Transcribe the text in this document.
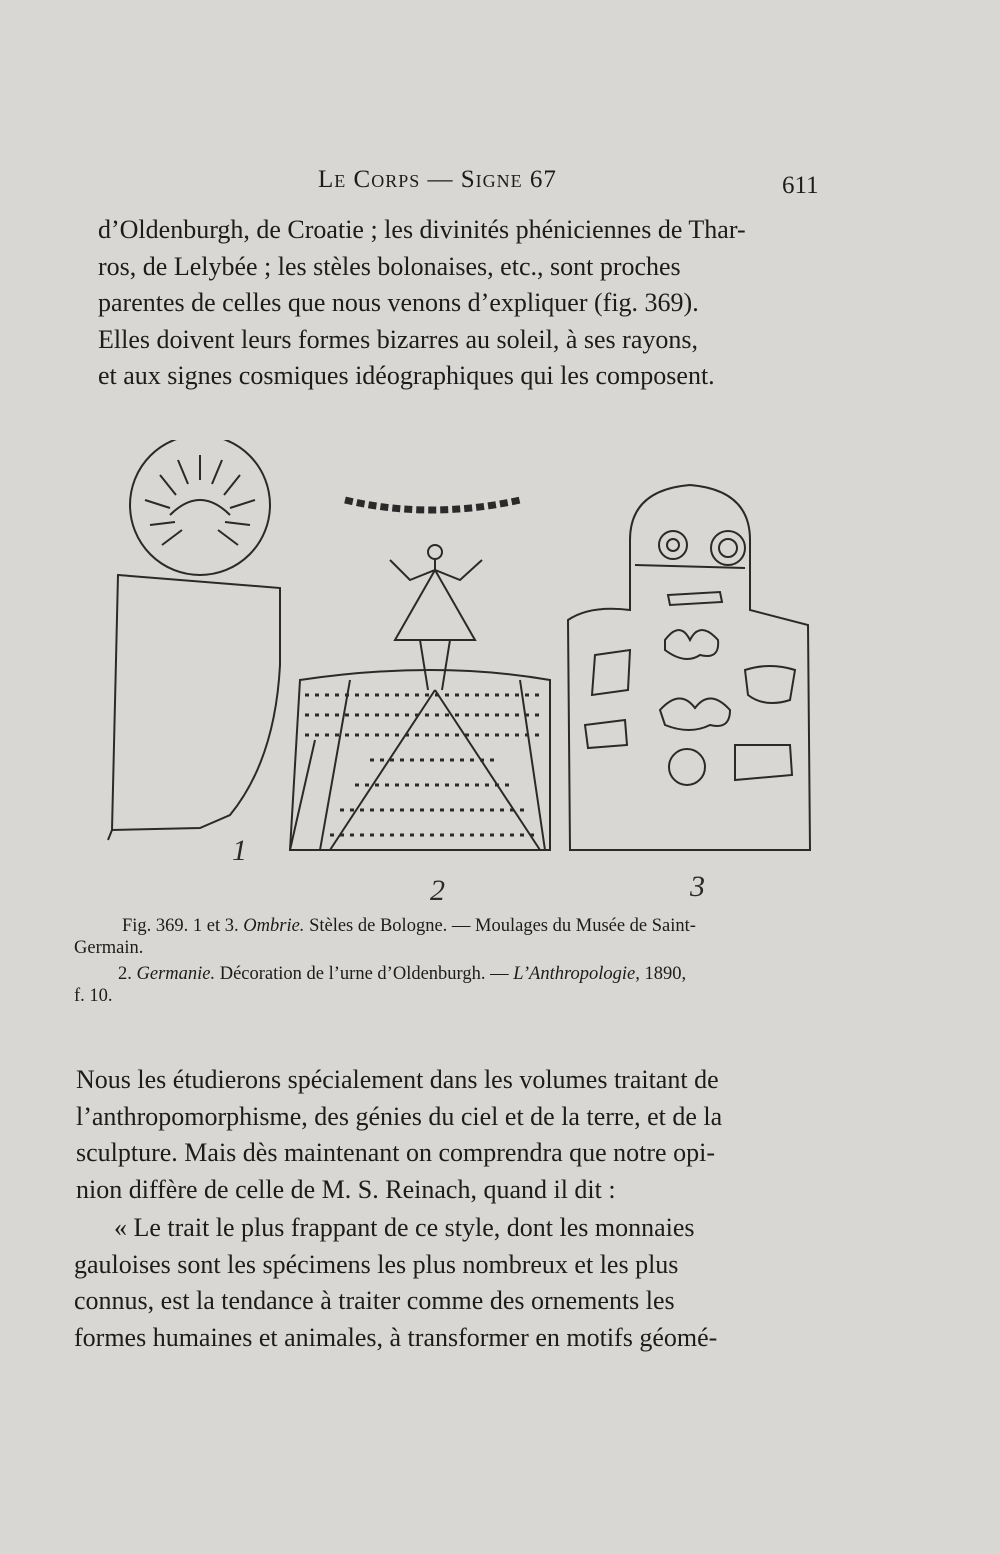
Le Corps — Signe 67	611

d’Oldenburgh, de Croatie ; les divinités phéniciennes de Thar-
ros, de Lelybée ; les stèles bolonaises, etc., sont proches
parentes de celles que nous venons d’expliquer (fig. 369).
Elles doivent leurs formes bizarres au soleil, à ses rayons,
et aux signes cosmiques idéographiques qui les composent.

1
2	3

Fig. 369. 1 et 3. Ombrie. Stèles de Bologne. — Moulages du Musée de Saint-

Germain.

2. Germanie. Décoration de l’urne d’Oldenburgh. — L’Anthropologie, 1890,

f. 10.

Nous les étudierons spécialement dans les volumes traitant de
l’anthropomorphisme, des génies du ciel et de la terre, et de la
sculpture. Mais dès maintenant on comprendra que notre opi-
nion diffère de celle de M. S. Reinach, quand il dit :

« Le trait le plus frappant de ce style, dont les monnaies
gauloises sont les spécimens les plus nombreux et les plus
connus, est la tendance à traiter comme des ornements les
formes humaines et animales, à transformer en motifs géomé-
